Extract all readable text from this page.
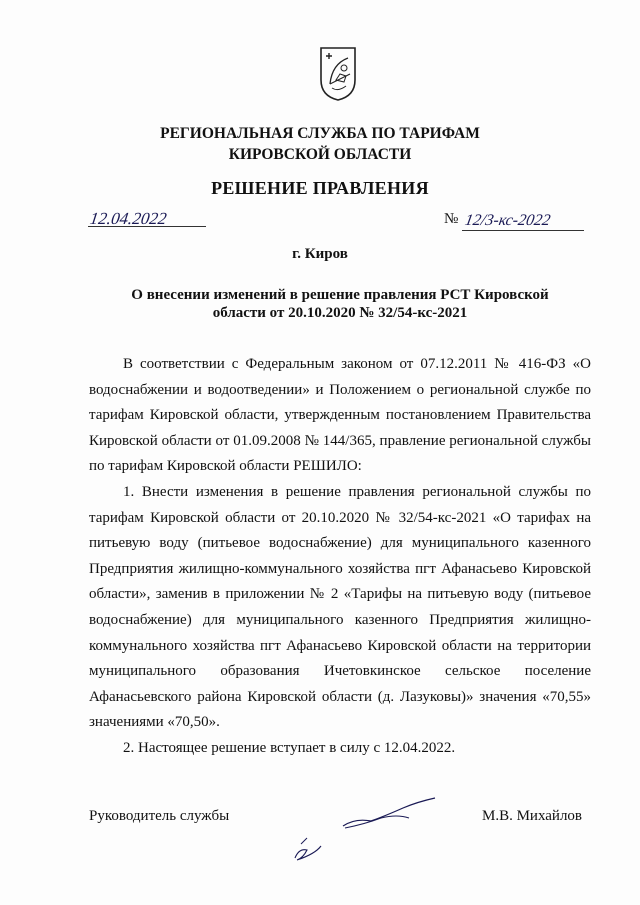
РЕГИОНАЛЬНАЯ СЛУЖБА ПО ТАРИФАМ
КИРОВСКОЙ ОБЛАСТИ
РЕШЕНИЕ ПРАВЛЕНИЯ
12.04.2022	№ 12/3-кс-2022
г. Киров
О внесении изменений в решение правления РСТ Кировской области от 20.10.2020 № 32/54-кс-2021

В соответствии с Федеральным законом от 07.12.2011 № 416-ФЗ «О водоснабжении и водоотведении» и Положением о региональной службе по тарифам Кировской области, утвержденным постановлением Правительства Кировской области от 01.09.2008 № 144/365, правление региональной службы по тарифам Кировской области РЕШИЛО:

1. Внести изменения в решение правления региональной службы по тарифам Кировской области от 20.10.2020 № 32/54-кс-2021 «О тарифах на питьевую воду (питьевое водоснабжение) для муниципального казенного Предприятия жилищно-коммунального хозяйства пгт Афанасьево Кировской области», заменив в приложении № 2 «Тарифы на питьевую воду (питьевое водоснабжение) для муниципального казенного Предприятия жилищно-коммунального хозяйства пгт Афанасьево Кировской области на территории муниципального образования Ичетовкинское сельское поселение Афанасьевского района Кировской области (д. Лазуковы)» значения «70,55» значениями «70,50».

2. Настоящее решение вступает в силу с 12.04.2022.

Руководитель службы	М.В. Михайлов
